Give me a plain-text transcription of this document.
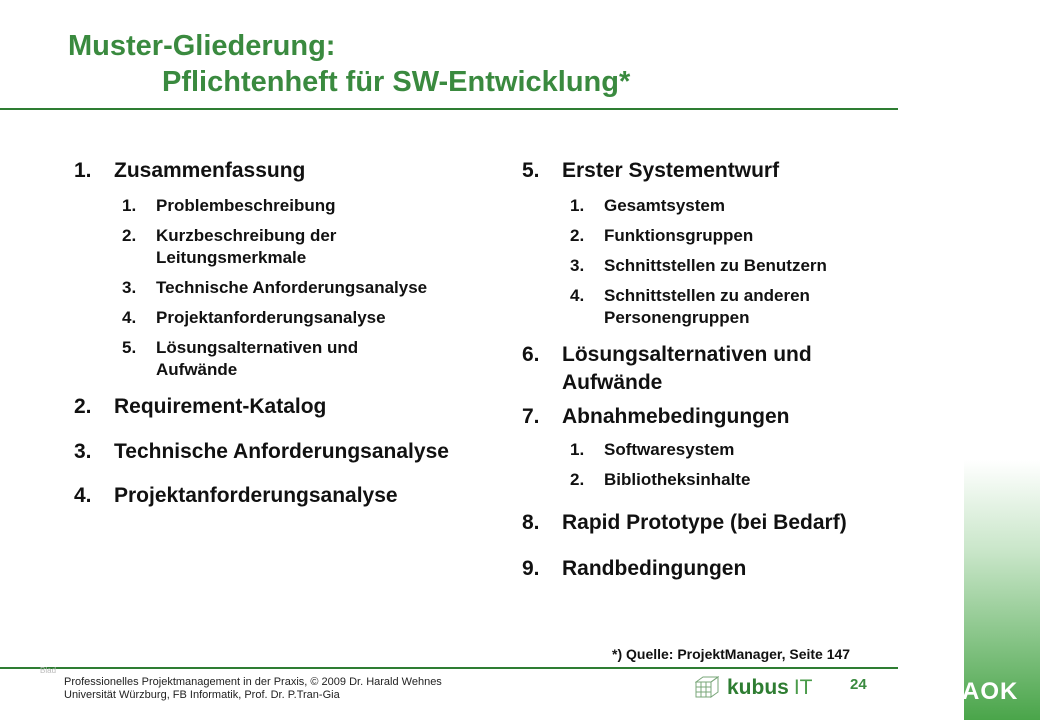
Muster-Gliederung:
Pflichtenheft für SW-Entwicklung*
1. Zusammenfassung
1. Problembeschreibung
2. Kurzbeschreibung der Leitungsmerkmale
3. Technische Anforderungsanalyse
4. Projektanforderungsanalyse
5. Lösungsalternativen und Aufwände
2. Requirement-Katalog
3. Technische Anforderungsanalyse
4. Projektanforderungsanalyse
5. Erster Systementwurf
1. Gesamtsystem
2. Funktionsgruppen
3. Schnittstellen zu Benutzern
4. Schnittstellen zu anderen Personengruppen
6. Lösungsalternativen und Aufwände
7. Abnahmebedingungen
1. Softwaresystem
2. Bibliotheksinhalte
8. Rapid Prototype (bei Bedarf)
9. Randbedingungen
*) Quelle: ProjektManager, Seite 147
Blad
Professionelles Projektmanagement in der Praxis, © 2009 Dr. Harald Wehnes
Universität Würzburg, FB Informatik, Prof. Dr. P.Tran-Gia
24
kubus IT	AOK
